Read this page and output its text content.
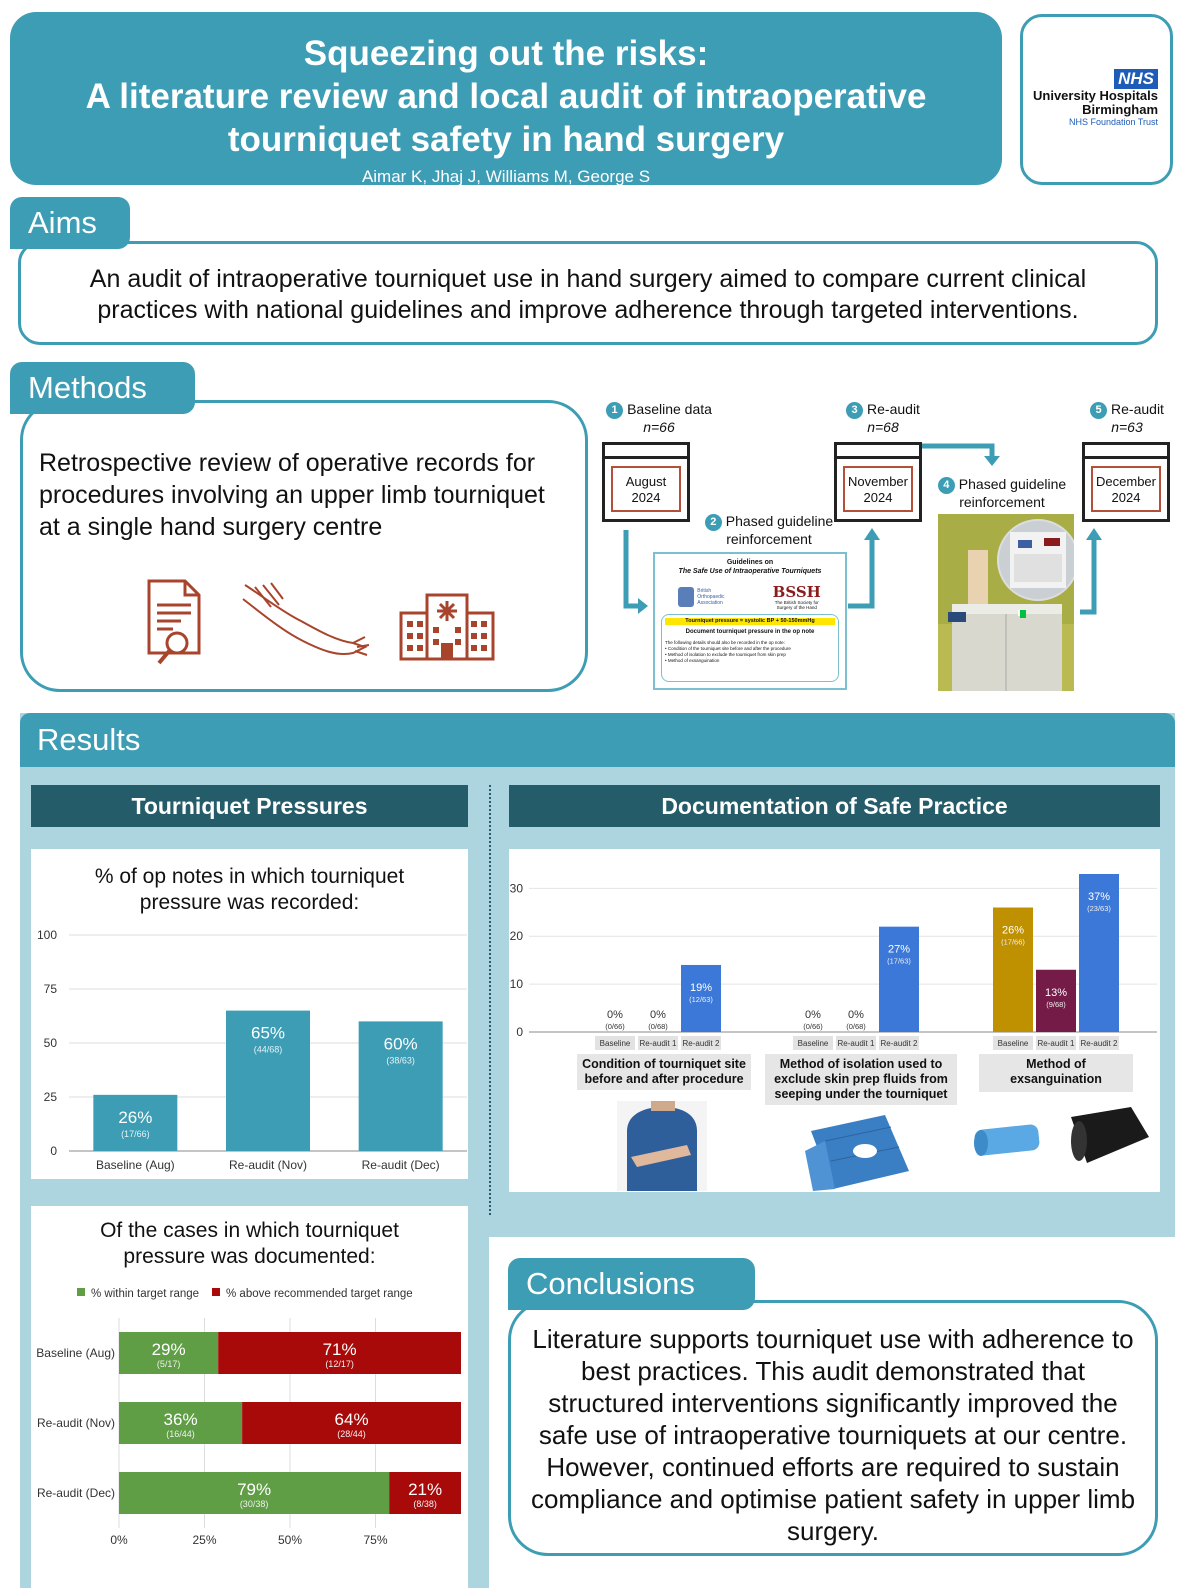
Squeezing out the risks:
A literature review and local audit of intraoperative
tourniquet safety in hand surgery
Aimar K, Jhaj J, Williams M, George S
NHS
University Hospitals
Birmingham
NHS Foundation Trust
An audit of intraoperative tourniquet use in hand surgery aimed to compare current clinical practices with national guidelines and improve adherence through targeted interventions.
Aims
Retrospective review of operative records for procedures involving an upper limb tourniquet at a single hand surgery centre
Methods
1 Baseline data
n=66
August
2024
3 Re-audit
n=68
November
2024
5 Re-audit
n=63
December
2024
2 Phased guideline reinforcement
4 Phased guideline reinforcement
Guidelines on
The Safe Use of Intraoperative Tourniquets
British Orthopaedic Association
BSSH
The British Society for Surgery of the Hand
Tourniquet pressure = systolic BP + 50-150mmHg
Document tourniquet pressure in the op note
The following details should also be recorded in the op note:
• Condition of the tourniquet site before and after the procedure
• Method of isolation to exclude the tourniquet from skin prep
• Method of exsanguination
Results
Tourniquet Pressures	Documentation of Safe Practice
% of op notes in which tourniquet pressure was recorded:
0
25
50
75
100
26%
(17/66)
Baseline (Aug)
65%
(44/68)
Re-audit (Nov)
60%
(38/63)
Re-audit (Dec)
Of the cases in which tourniquet pressure was documented:
% within target range % above recommended target range
0%	25%	50%	75%
Baseline (Aug) 29%
(5/17)
71%
(12/17)
Re-audit (Nov)	36%
(16/44)
64%
(28/44)
Re-audit (Dec)	79%
(30/38)
21%
(8/38)
0
10
20
30
0%
(0/66)
Baseline
0%
(0/68)
Re-audit 1
19%
(12/63)
Re-audit 2
0%
(0/66)
Baseline
0%
(0/68)
Re-audit 1
27%
(17/63)
Re-audit 2
26%
(17/66)
Baseline
13%
(9/68)
Re-audit 1
37%
(23/63)
Re-audit 2
Condition of tourniquet site before and after procedure
Method of isolation used to exclude skin prep fluids from seeping under the tourniquet
Method of exsanguination
Literature supports tourniquet use with adherence to best practices. This audit demonstrated that structured interventions significantly improved the safe use of intraoperative tourniquets at our centre. However, continued efforts are required to sustain compliance and optimise patient safety in upper limb surgery.
Conclusions
